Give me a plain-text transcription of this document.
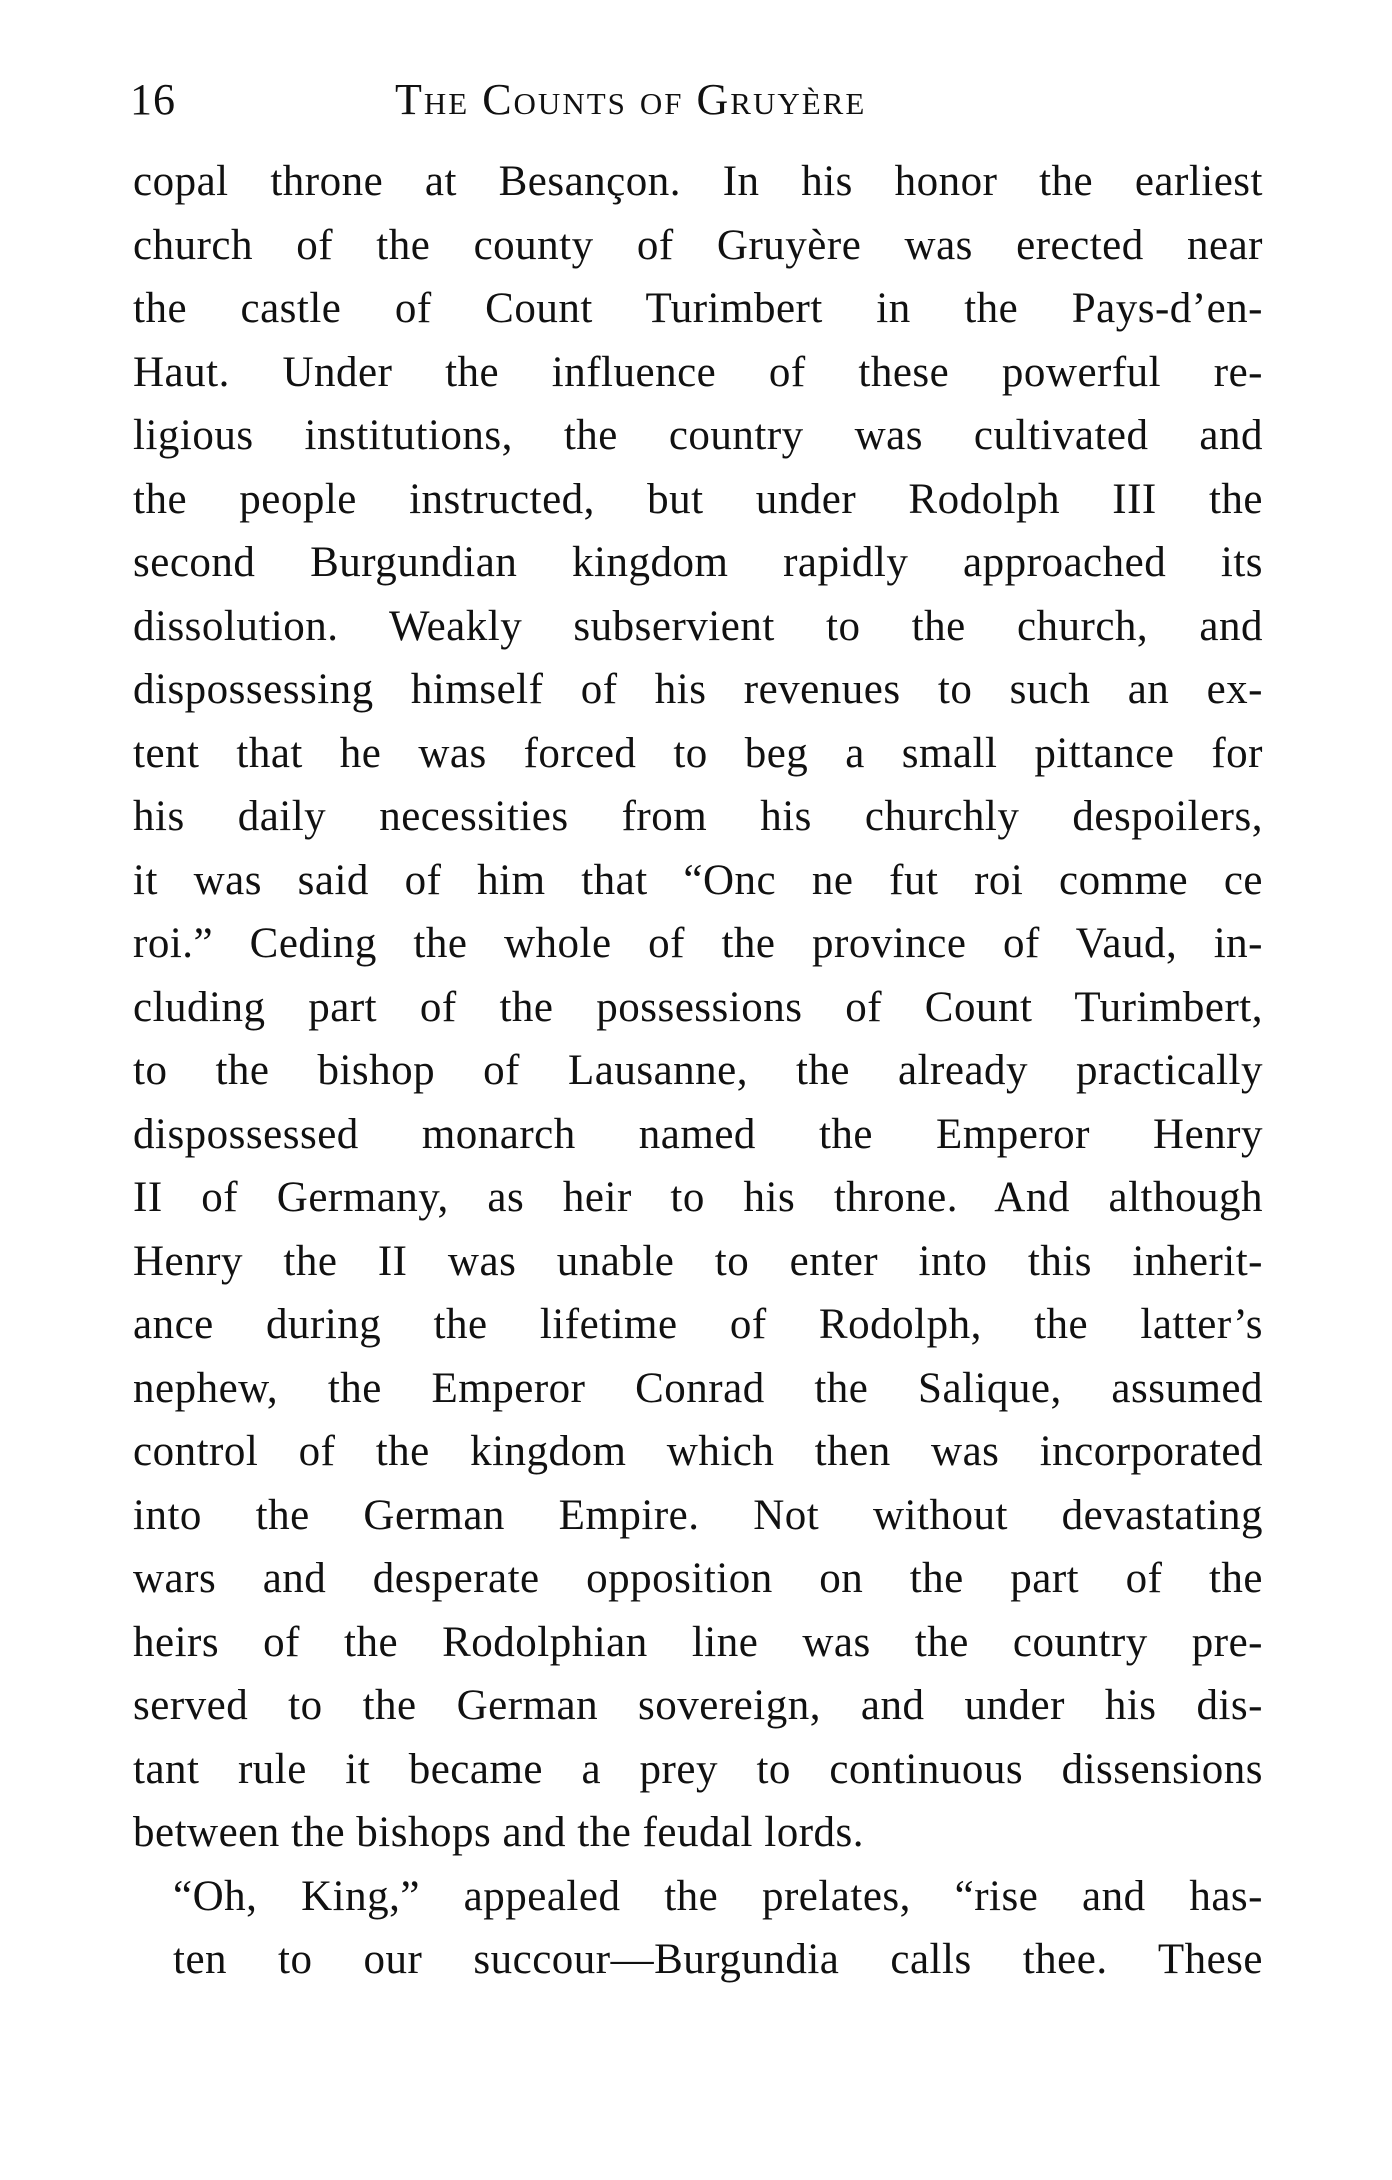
16	The Counts of Gruyère
copal throne at Besançon. In his honor the earliest
church of the county of Gruyère was erected near
the castle of Count Turimbert in the Pays-d’en-
Haut. Under the influence of these powerful re-
ligious institutions, the country was cultivated and
the people instructed, but under Rodolph III the
second Burgundian kingdom rapidly approached its
dissolution. Weakly subservient to the church, and
dispossessing himself of his revenues to such an ex-
tent that he was forced to beg a small pittance for
his daily necessities from his churchly despoilers,
it was said of him that “Onc ne fut roi comme ce
roi.” Ceding the whole of the province of Vaud, in-
cluding part of the possessions of Count Turimbert,
to the bishop of Lausanne, the already practically
dispossessed monarch named the Emperor Henry
II of Germany, as heir to his throne. And although
Henry the II was unable to enter into this inherit-
ance during the lifetime of Rodolph, the latter’s
nephew, the Emperor Conrad the Salique, assumed
control of the kingdom which then was incorporated
into the German Empire. Not without devastating
wars and desperate opposition on the part of the
heirs of the Rodolphian line was the country pre-
served to the German sovereign, and under his dis-
tant rule it became a prey to continuous dissensions
between the bishops and the feudal lords.
“Oh, King,” appealed the prelates, “rise and has-
ten to our succour—Burgundia calls thee. These
